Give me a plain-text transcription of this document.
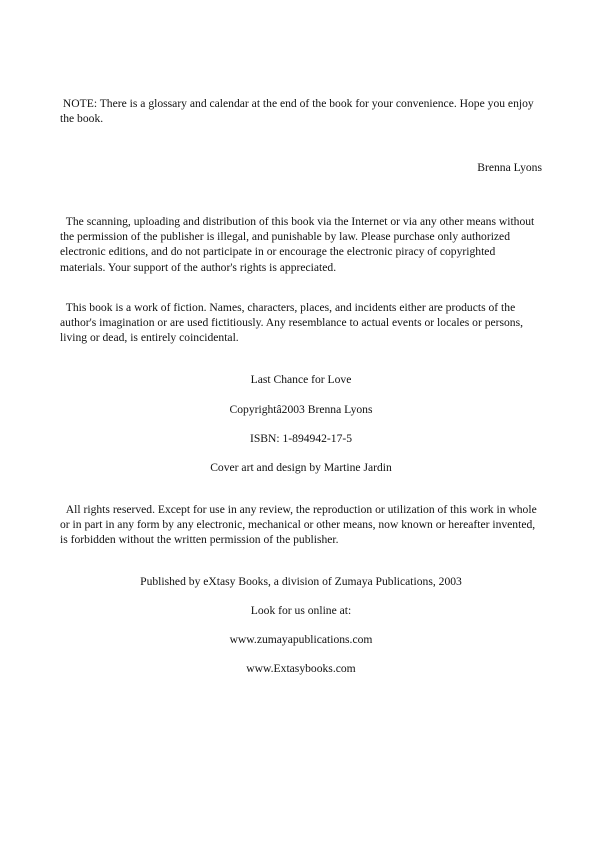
NOTE: There is a glossary and calendar at the end of the book for your convenience. Hope you enjoy the book.

Brenna Lyons

The scanning, uploading and distribution of this book via the Internet or via any other means without the permission of the publisher is illegal, and punishable by law. Please purchase only authorized electronic editions, and do not participate in or encourage the electronic piracy of copyrighted materials. Your support of the author's rights is appreciated.

This book is a work of fiction. Names, characters, places, and incidents either are products of the author's imagination or are used fictitiously. Any resemblance to actual events or locales or persons, living or dead, is entirely coincidental.

Last Chance for Love

Copyrightâ2003 Brenna Lyons

ISBN: 1-894942-17-5

Cover art and design by Martine Jardin

All rights reserved. Except for use in any review, the reproduction or utilization of this work in whole or in part in any form by any electronic, mechanical or other means, now known or hereafter invented, is forbidden without the written permission of the publisher.

Published by eXtasy Books, a division of Zumaya Publications, 2003

Look for us online at:

www.zumayapublications.com

www.Extasybooks.com
